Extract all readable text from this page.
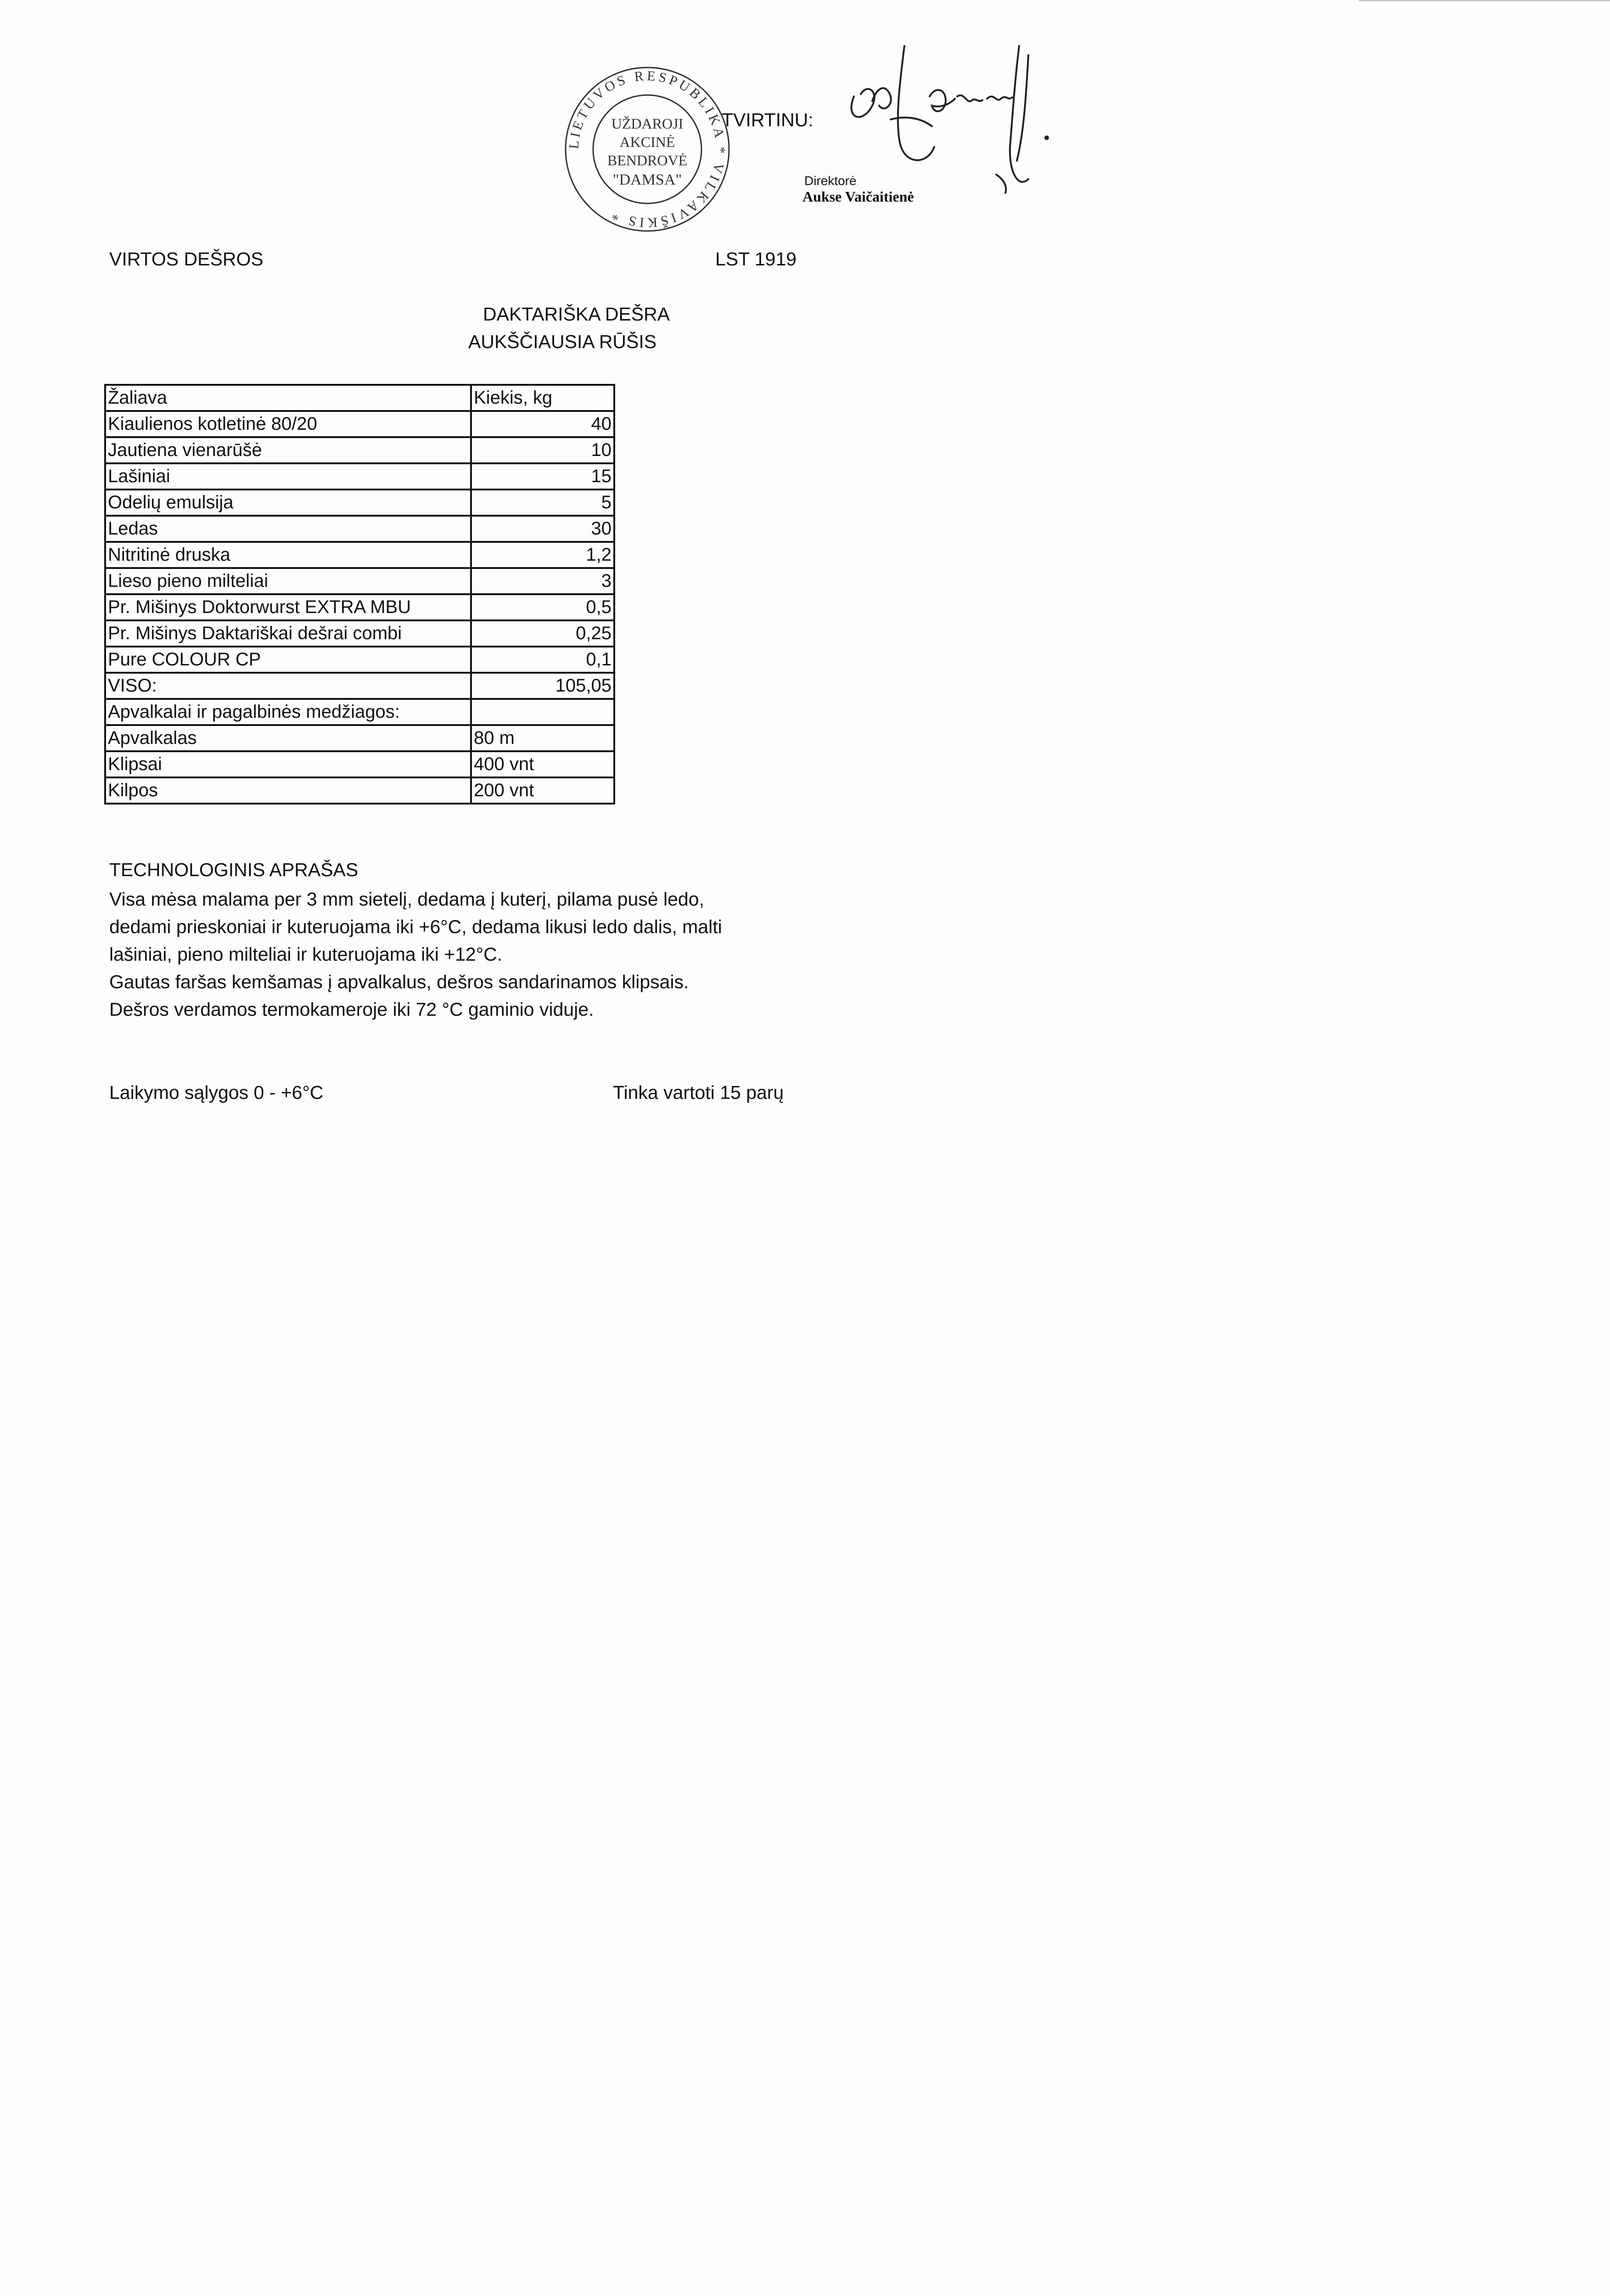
LIETUVOS RESPUBLIKA * VILKAVIŠKIS *
UŽDAROJI
AKCINĖ
BENDROVĖ
"DAMSA"
TVIRTINU:
Direktorė
Aukse Vaičaitienė
VIRTOS DEŠROS	LST 1919
DAKTARIŠKA DEŠRA
AUKŠČIAUSIA RŪŠIS
Žaliava	Kiekis, kg
Kiaulienos kotletinė 80/20	40
Jautiena vienarūšė	10
Lašiniai	15
Odelių emulsija	5
Ledas	30
Nitritinė druska	1,2
Lieso pieno milteliai	3
Pr. Mišinys Doktorwurst EXTRA MBU	0,5
Pr. Mišinys Daktariškai dešrai combi	0,25
Pure COLOUR CP	0,1
VISO:	105,05
Apvalkalai ir pagalbinės medžiagos:	
Apvalkalas	80 m
Klipsai	400 vnt
Kilpos	200 vnt
TECHNOLOGINIS APRAŠAS
Visa mėsa malama per 3 mm sietelį, dedama į kuterį, pilama pusė ledo,
dedami prieskoniai ir kuteruojama iki +6°C, dedama likusi ledo dalis, malti
lašiniai, pieno milteliai ir kuteruojama iki +12°C.
Gautas faršas kemšamas į apvalkalus, dešros sandarinamos klipsais.
Dešros verdamos termokameroje iki 72 °C gaminio viduje.
Laikymo sąlygos 0 - +6°C	Tinka vartoti 15 parų
